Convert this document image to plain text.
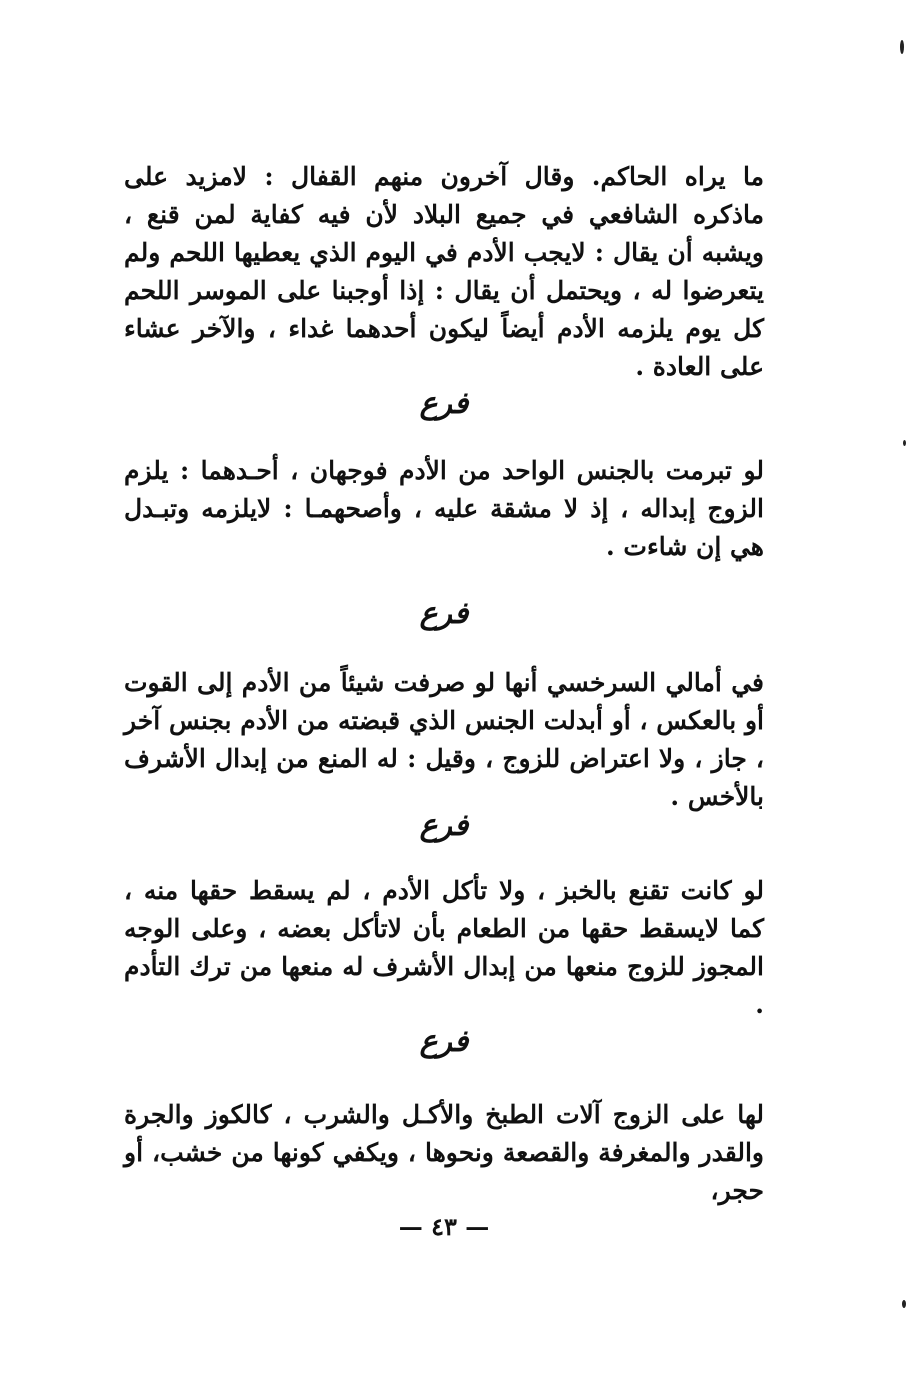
ما يراه الحاكم. وقال آخرون منهم القفال : لامزيد على ماذكره الشافعي في جميع البلاد لأن فيه كفاية لمن قنع ، ويشبه أن يقال : لايجب الأدم في اليوم الذي يعطيها اللحم ولم يتعرضوا له ، ويحتمل أن يقال : إذا أوجبنا على الموسر اللحم كل يوم يلزمه الأدم أيضاً ليكون أحدهما غداء ، والآخر عشاء على العادة .

فرع

لو تبرمت بالجنس الواحد من الأدم فوجهان ، أحـدهما : يلزم الزوج إبداله ، إذ لا مشقة عليه ، وأصحهمـا : لايلزمه وتبـدل هي إن شاءت .

فرع

في أمالي السرخسي أنها لو صرفت شيئاً من الأدم إلى القوت أو بالعكس ، أو أبدلت الجنس الذي قبضته من الأدم بجنس آخر ، جاز ، ولا اعتراض للزوج ، وقيل : له المنع من إبدال الأشرف بالأخس .

فرع

لو كانت تقنع بالخبز ، ولا تأكل الأدم ، لم يسقط حقها منه ، كما لايسقط حقها من الطعام بأن لاتأكل بعضه ، وعلى الوجه المجوز للزوج منعها من إبدال الأشرف له منعها من ترك التأدم .

فرع

لها على الزوج آلات الطبخ والأكـل والشرب ، كالكوز والجرة والقدر والمغرفة والقصعة ونحوها ، ويكفي كونها من خشب، أو حجر،

— ٤٣ —
